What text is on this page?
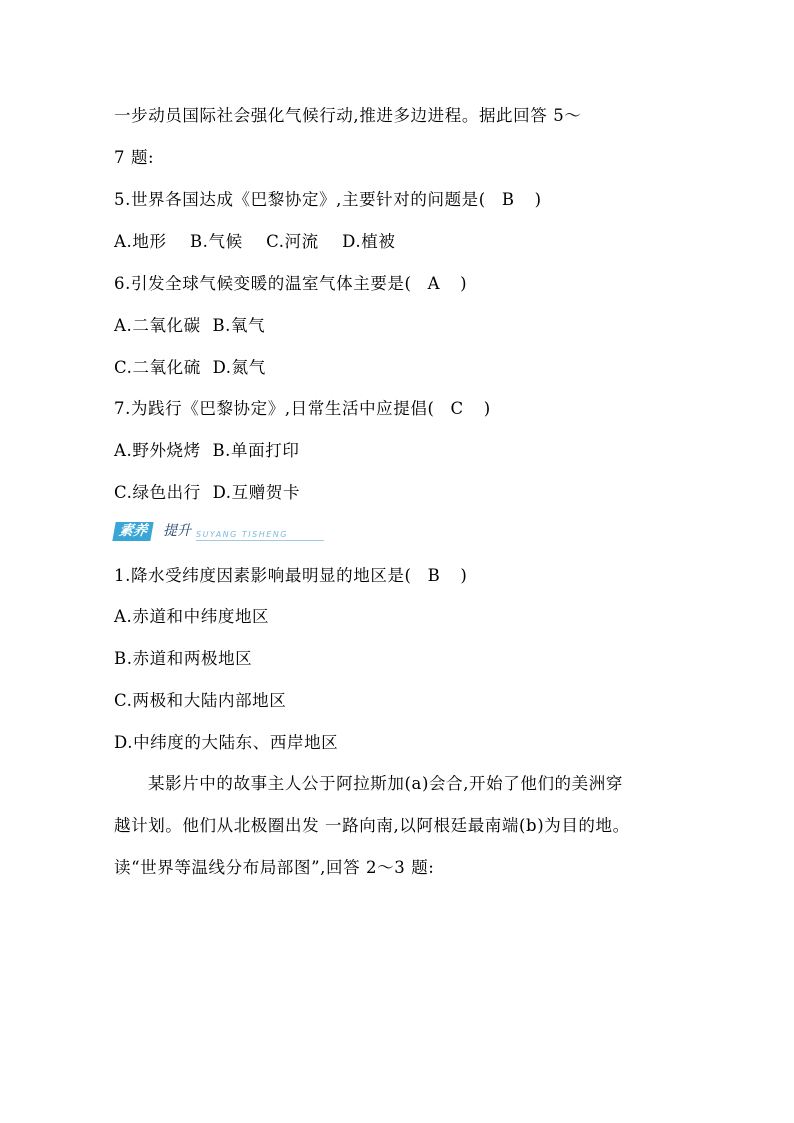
一步动员国际社会强化气候行动,推进多边进程。据此回答 5～
7 题:
5.世界各国达成《巴黎协定》,主要针对的问题是( B )
A.地形    B.气候    C.河流    D.植被
6.引发全球气候变暖的温室气体主要是( A )
A.二氧化碳  B.氧气
C.二氧化硫  D.氮气
7.为践行《巴黎协定》,日常生活中应提倡( C )
A.野外烧烤  B.单面打印
C.绿色出行  D.互赠贺卡
素养	提升 SUYANG TISHENG
1.降水受纬度因素影响最明显的地区是( B )
A.赤道和中纬度地区
B.赤道和两极地区
C.两极和大陆内部地区
D.中纬度的大陆东、西岸地区
某影片中的故事主人公于阿拉斯加(a)会合,开始了他们的美洲穿
越计划。他们从北极圈出发 一路向南,以阿根廷最南端(b)为目的地。
读“世界等温线分布局部图”,回答 2～3 题:
